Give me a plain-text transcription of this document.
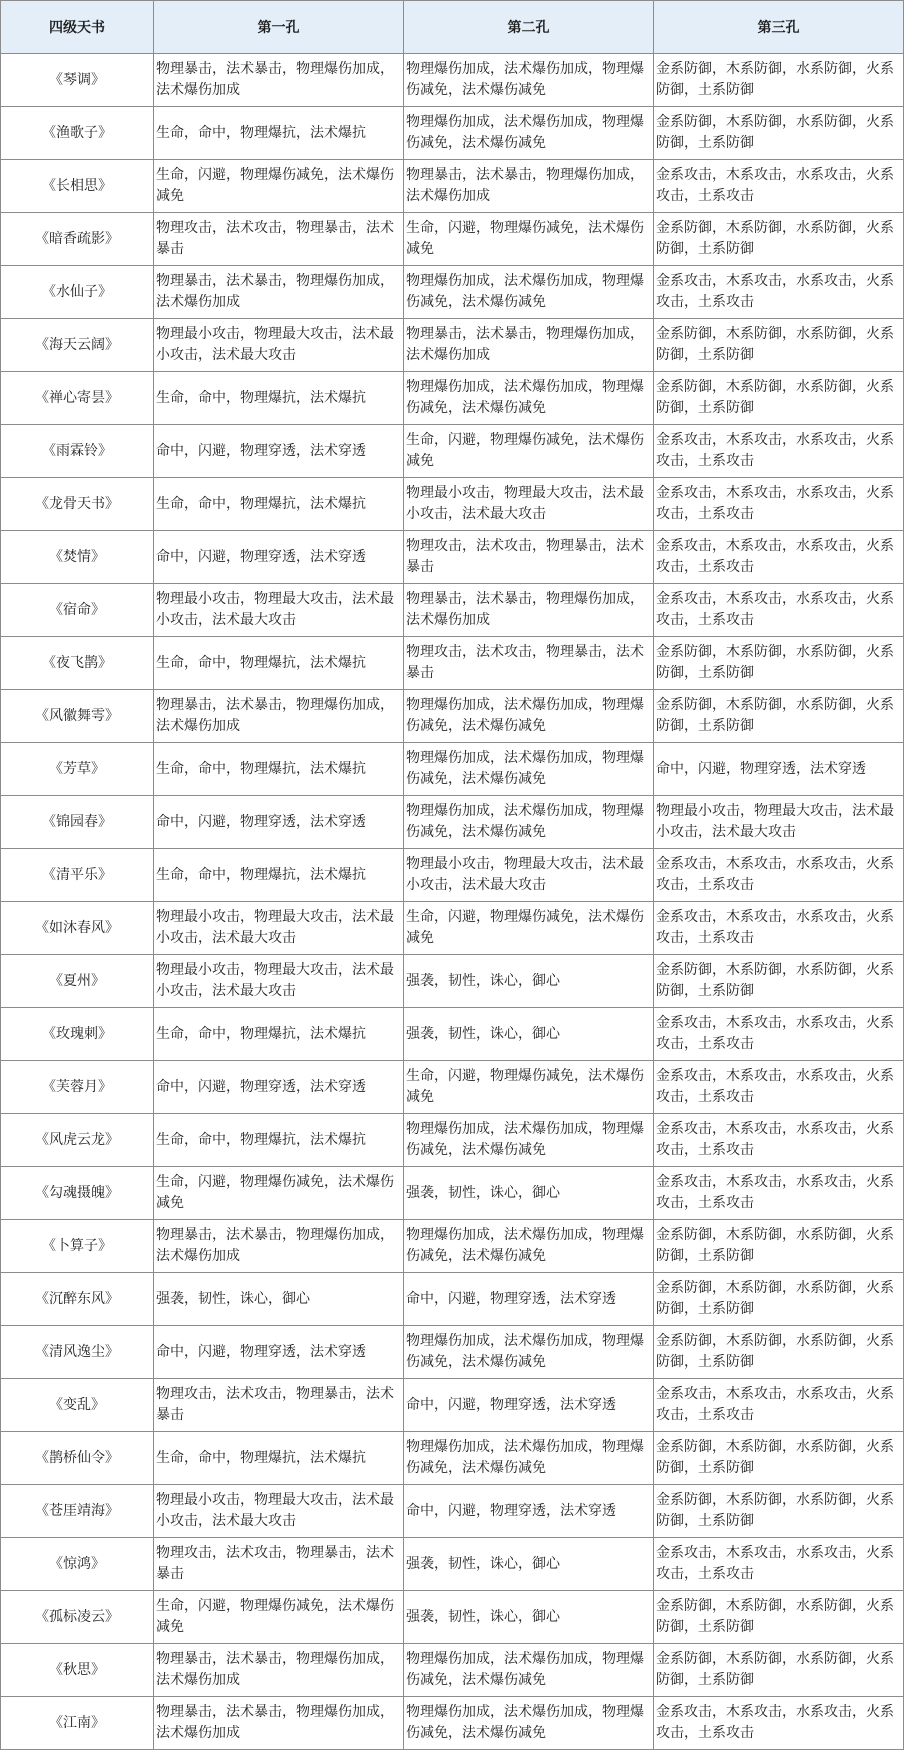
四级天书	第一孔	第二孔	第三孔
《琴调》	物理暴击，法术暴击，物理爆伤加成，法术爆伤加成	物理爆伤加成，法术爆伤加成，物理爆伤减免，法术爆伤减免	金系防御，木系防御，水系防御，火系防御，土系防御
《渔歌子》	生命，命中，物理爆抗，法术爆抗	物理爆伤加成，法术爆伤加成，物理爆伤减免，法术爆伤减免	金系防御，木系防御，水系防御，火系防御，土系防御
《长相思》	生命，闪避，物理爆伤减免，法术爆伤减免	物理暴击，法术暴击，物理爆伤加成，法术爆伤加成	金系攻击，木系攻击，水系攻击，火系攻击，土系攻击
《暗香疏影》	物理攻击，法术攻击，物理暴击，法术暴击	生命，闪避，物理爆伤减免，法术爆伤减免	金系防御，木系防御，水系防御，火系防御，土系防御
《水仙子》	物理暴击，法术暴击，物理爆伤加成，法术爆伤加成	物理爆伤加成，法术爆伤加成，物理爆伤减免，法术爆伤减免	金系攻击，木系攻击，水系攻击，火系攻击，土系攻击
《海天云阔》	物理最小攻击，物理最大攻击，法术最小攻击，法术最大攻击	物理暴击，法术暴击，物理爆伤加成，法术爆伤加成	金系防御，木系防御，水系防御，火系防御，土系防御
《禅心寄昙》	生命，命中，物理爆抗，法术爆抗	物理爆伤加成，法术爆伤加成，物理爆伤减免，法术爆伤减免	金系防御，木系防御，水系防御，火系防御，土系防御
《雨霖铃》	命中，闪避，物理穿透，法术穿透	生命，闪避，物理爆伤减免，法术爆伤减免	金系攻击，木系攻击，水系攻击，火系攻击，土系攻击
《龙骨天书》	生命，命中，物理爆抗，法术爆抗	物理最小攻击，物理最大攻击，法术最小攻击，法术最大攻击	金系攻击，木系攻击，水系攻击，火系攻击，土系攻击
《焚情》	命中，闪避，物理穿透，法术穿透	物理攻击，法术攻击，物理暴击，法术暴击	金系攻击，木系攻击，水系攻击，火系攻击，土系攻击
《宿命》	物理最小攻击，物理最大攻击，法术最小攻击，法术最大攻击	物理暴击，法术暴击，物理爆伤加成，法术爆伤加成	金系攻击，木系攻击，水系攻击，火系攻击，土系攻击
《夜飞鹊》	生命，命中，物理爆抗，法术爆抗	物理攻击，法术攻击，物理暴击，法术暴击	金系防御，木系防御，水系防御，火系防御，土系防御
《风徽舞雩》	物理暴击，法术暴击，物理爆伤加成，法术爆伤加成	物理爆伤加成，法术爆伤加成，物理爆伤减免，法术爆伤减免	金系防御，木系防御，水系防御，火系防御，土系防御
《芳草》	生命，命中，物理爆抗，法术爆抗	物理爆伤加成，法术爆伤加成，物理爆伤减免，法术爆伤减免	命中，闪避，物理穿透，法术穿透
《锦园春》	命中，闪避，物理穿透，法术穿透	物理爆伤加成，法术爆伤加成，物理爆伤减免，法术爆伤减免	物理最小攻击，物理最大攻击，法术最小攻击，法术最大攻击
《清平乐》	生命，命中，物理爆抗，法术爆抗	物理最小攻击，物理最大攻击，法术最小攻击，法术最大攻击	金系攻击，木系攻击，水系攻击，火系攻击，土系攻击
《如沐春风》	物理最小攻击，物理最大攻击，法术最小攻击，法术最大攻击	生命，闪避，物理爆伤减免，法术爆伤减免	金系攻击，木系攻击，水系攻击，火系攻击，土系攻击
《夏州》	物理最小攻击，物理最大攻击，法术最小攻击，法术最大攻击	强袭，韧性，诛心，御心	金系防御，木系防御，水系防御，火系防御，土系防御
《玫瑰刺》	生命，命中，物理爆抗，法术爆抗	强袭，韧性，诛心，御心	金系攻击，木系攻击，水系攻击，火系攻击，土系攻击
《芙蓉月》	命中，闪避，物理穿透，法术穿透	生命，闪避，物理爆伤减免，法术爆伤减免	金系攻击，木系攻击，水系攻击，火系攻击，土系攻击
《风虎云龙》	生命，命中，物理爆抗，法术爆抗	物理爆伤加成，法术爆伤加成，物理爆伤减免，法术爆伤减免	金系攻击，木系攻击，水系攻击，火系攻击，土系攻击
《勾魂摄魄》	生命，闪避，物理爆伤减免，法术爆伤减免	强袭，韧性，诛心，御心	金系攻击，木系攻击，水系攻击，火系攻击，土系攻击
《卜算子》	物理暴击，法术暴击，物理爆伤加成，法术爆伤加成	物理爆伤加成，法术爆伤加成，物理爆伤减免，法术爆伤减免	金系防御，木系防御，水系防御，火系防御，土系防御
《沉醉东风》	强袭，韧性，诛心，御心	命中，闪避，物理穿透，法术穿透	金系防御，木系防御，水系防御，火系防御，土系防御
《清风逸尘》	命中，闪避，物理穿透，法术穿透	物理爆伤加成，法术爆伤加成，物理爆伤减免，法术爆伤减免	金系防御，木系防御，水系防御，火系防御，土系防御
《变乱》	物理攻击，法术攻击，物理暴击，法术暴击	命中，闪避，物理穿透，法术穿透	金系攻击，木系攻击，水系攻击，火系攻击，土系攻击
《鹊桥仙令》	生命，命中，物理爆抗，法术爆抗	物理爆伤加成，法术爆伤加成，物理爆伤减免，法术爆伤减免	金系防御，木系防御，水系防御，火系防御，土系防御
《苍厓靖海》	物理最小攻击，物理最大攻击，法术最小攻击，法术最大攻击	命中，闪避，物理穿透，法术穿透	金系防御，木系防御，水系防御，火系防御，土系防御
《惊鸿》	物理攻击，法术攻击，物理暴击，法术暴击	强袭，韧性，诛心，御心	金系攻击，木系攻击，水系攻击，火系攻击，土系攻击
《孤标凌云》	生命，闪避，物理爆伤减免，法术爆伤减免	强袭，韧性，诛心，御心	金系防御，木系防御，水系防御，火系防御，土系防御
《秋思》	物理暴击，法术暴击，物理爆伤加成，法术爆伤加成	物理爆伤加成，法术爆伤加成，物理爆伤减免，法术爆伤减免	金系防御，木系防御，水系防御，火系防御，土系防御
《江南》	物理暴击，法术暴击，物理爆伤加成，法术爆伤加成	物理爆伤加成，法术爆伤加成，物理爆伤减免，法术爆伤减免	金系攻击，木系攻击，水系攻击，火系攻击，土系攻击
